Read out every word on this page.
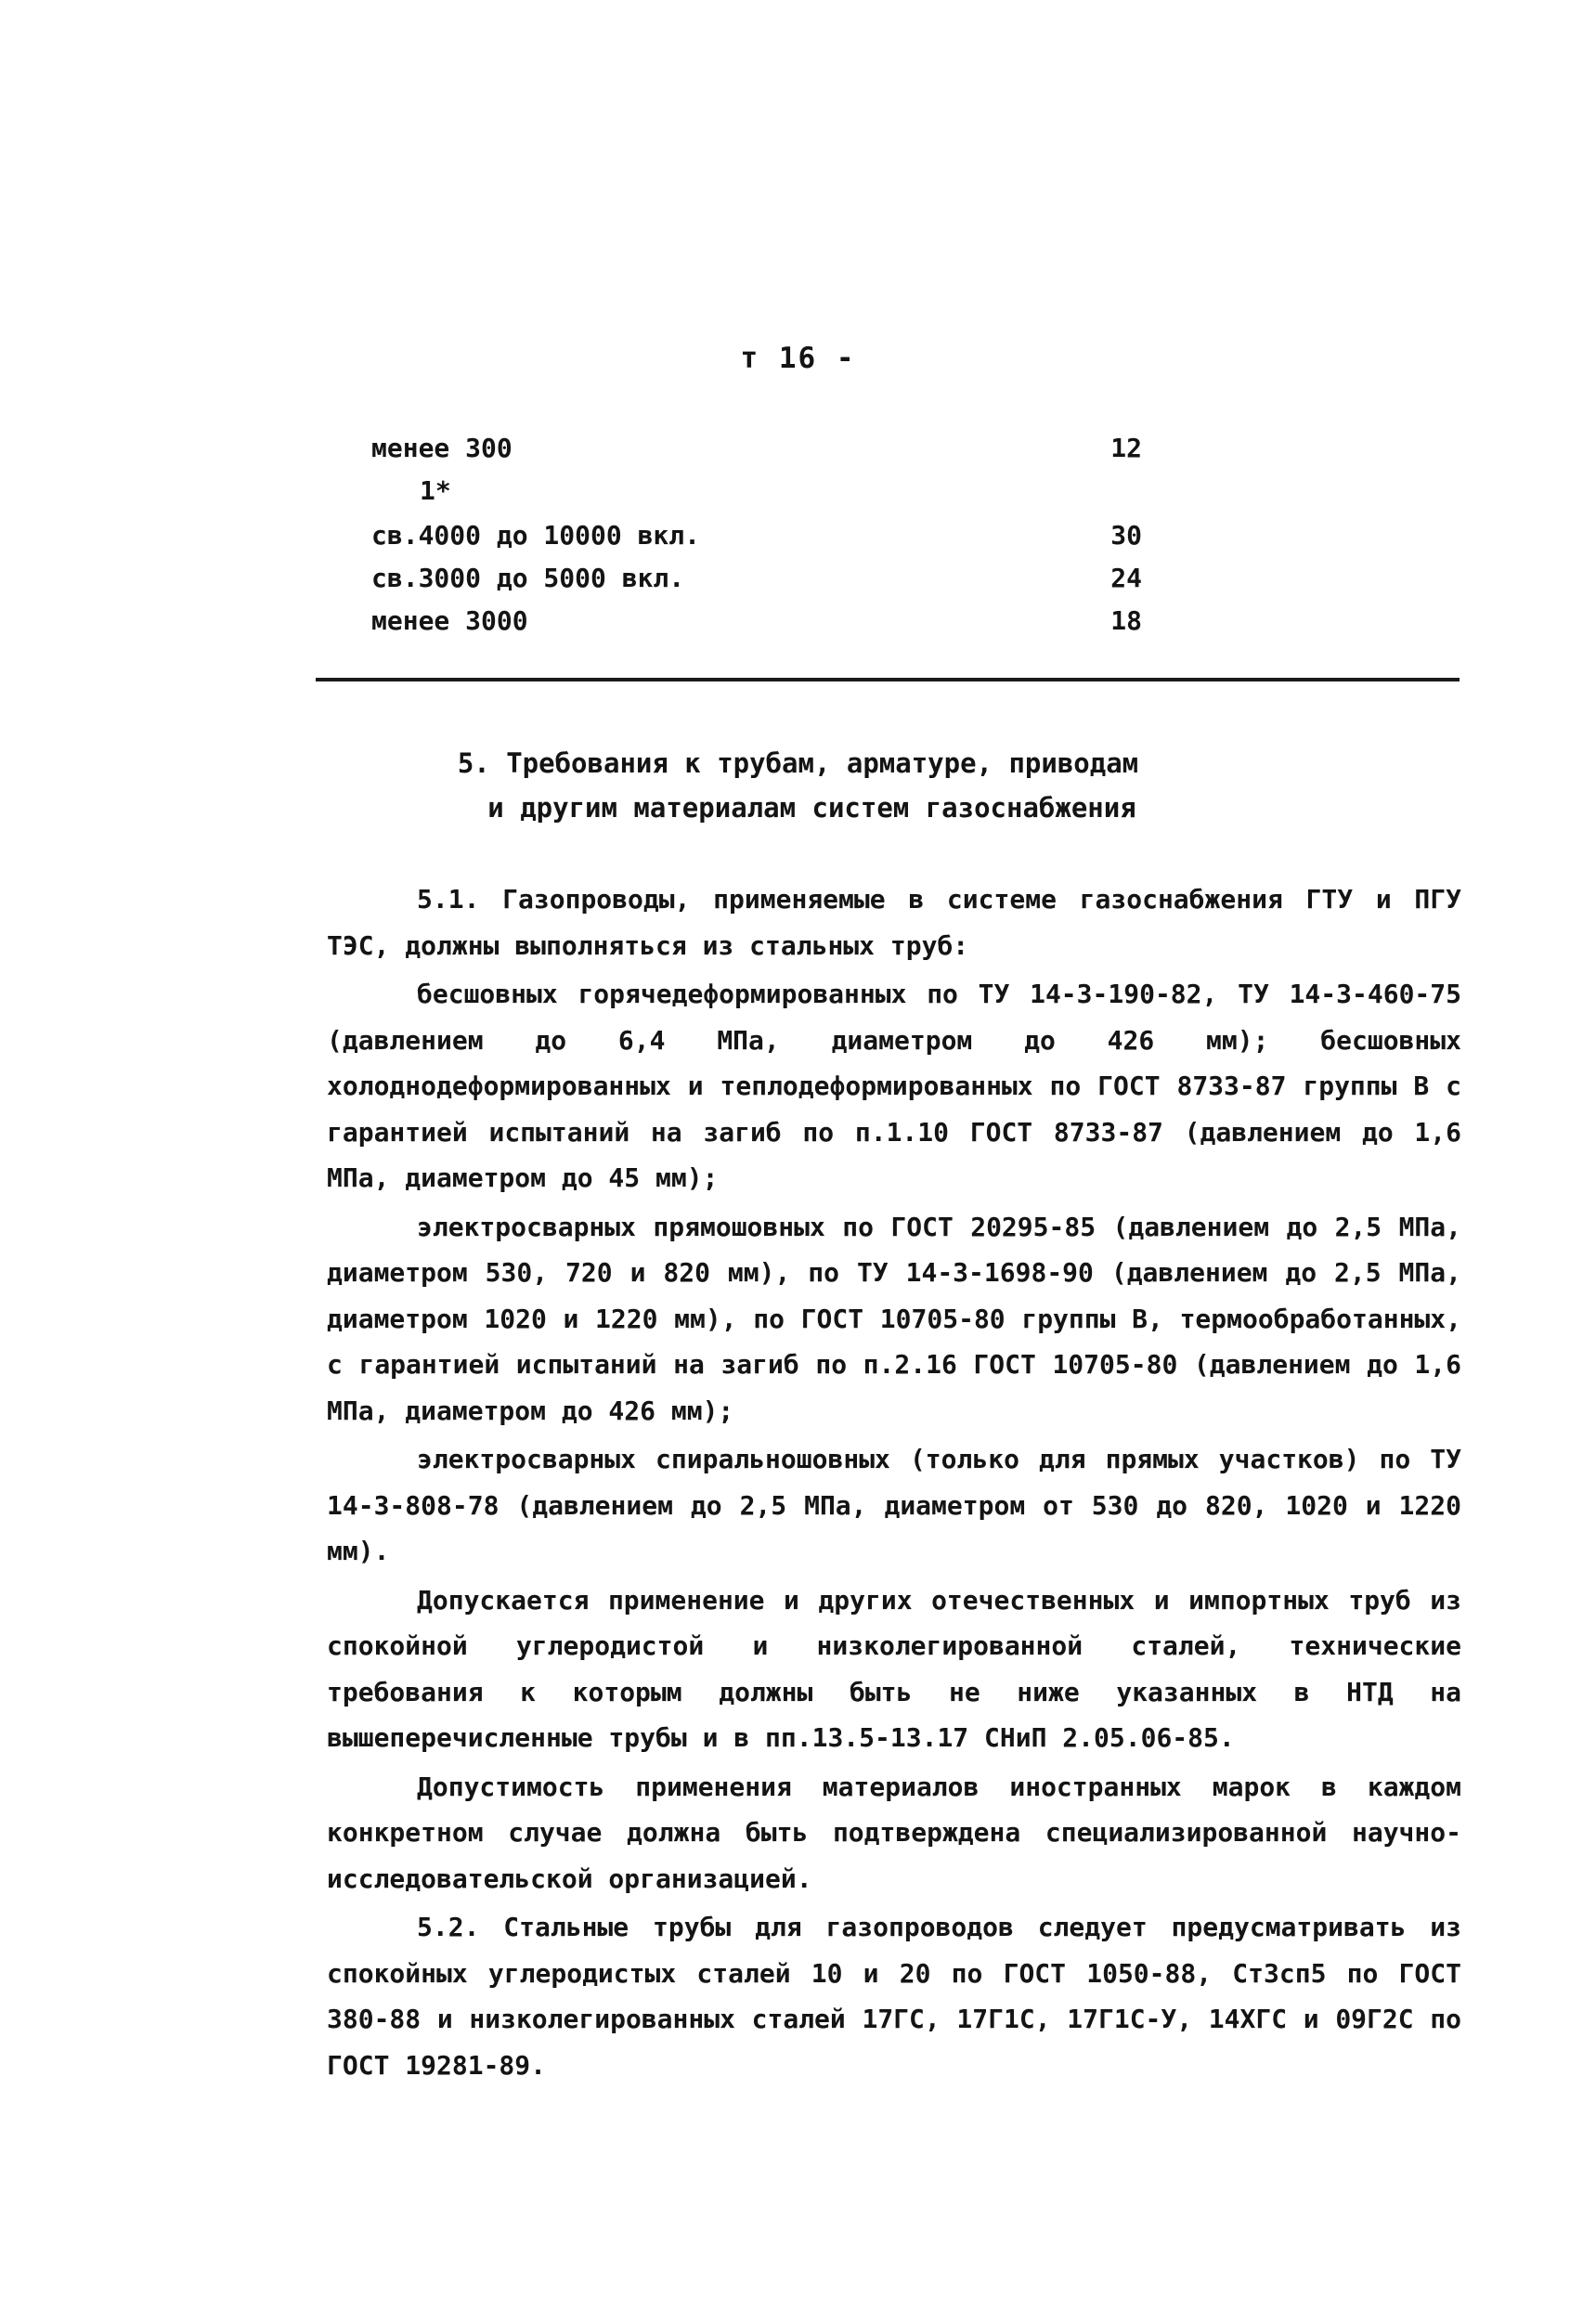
т 16 -
менее 300	12
1*
св.4000 до 10000 вкл.	30
св.3000 до 5000 вкл.	24
менее 3000	18
5. Требования к трубам, арматуре, приводам
и другим материалам систем газоснабжения

5.1. Газопроводы, применяемые в системе газоснабжения ГТУ и ПГУ ТЭС, должны выполняться из стальных труб:

бесшовных горячедеформированных по ТУ 14-3-190-82, ТУ 14-3-460-75 (давлением до 6,4 МПа, диаметром до 426 мм); бесшовных холоднодеформированных и теплодеформированных по ГОСТ 8733-87 группы В с гарантией испытаний на загиб по п.1.10 ГОСТ 8733-87 (давлением до 1,6 МПа, диаметром до 45 мм);

электросварных прямошовных по ГОСТ 20295-85 (давлением до 2,5 МПа, диаметром 530, 720 и 820 мм), по ТУ 14-3-1698-90 (давлением до 2,5 МПа, диаметром 1020 и 1220 мм), по ГОСТ 10705-80 группы В, термообработанных, с гарантией испытаний на загиб по п.2.16 ГОСТ 10705-80 (давлением до 1,6 МПа, диаметром до 426 мм);

электросварных спиральношовных (только для прямых участков) по ТУ 14-3-808-78 (давлением до 2,5 МПа, диаметром от 530 до 820, 1020 и 1220 мм).

Допускается применение и других отечественных и импортных труб из спокойной углеродистой и низколегированной сталей, технические требования к которым должны быть не ниже указанных в НТД на вышеперечисленные трубы и в пп.13.5-13.17 СНиП 2.05.06-85.

Допустимость применения материалов иностранных марок в каждом конкретном случае должна быть подтверждена специализированной научно-исследовательской организацией.

5.2. Стальные трубы для газопроводов следует предусматривать из спокойных углеродистых сталей 10 и 20 по ГОСТ 1050-88, Ст3сп5 по ГОСТ 380-88 и низколегированных сталей 17ГС, 17Г1С, 17Г1С-У, 14ХГС и 09Г2С по ГОСТ 19281-89.
